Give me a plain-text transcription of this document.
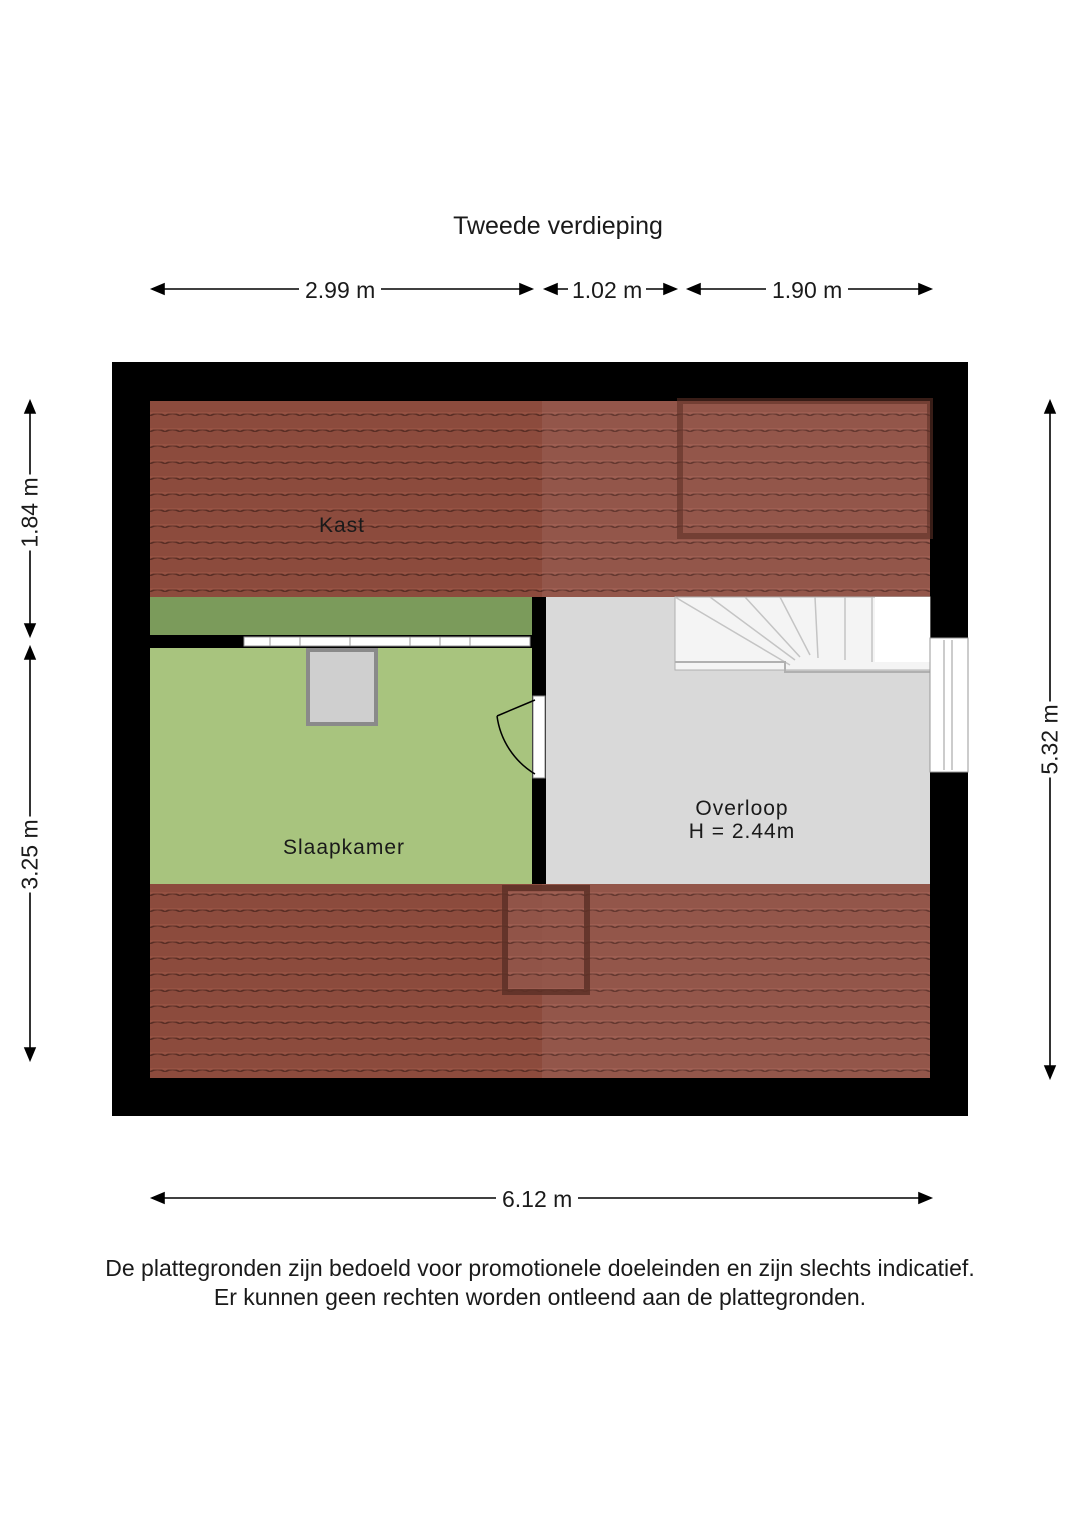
Tweede verdieping
2.99 m	1.02 m	1.90 m
6.12 m
1.84 m
3.25 m
5.32 m
Kast
Slaapkamer
Overloop
H = 2.44m
De plattegronden zijn bedoeld voor promotionele doeleinden en zijn slechts indicatief.
Er kunnen geen rechten worden ontleend aan de plattegronden.
